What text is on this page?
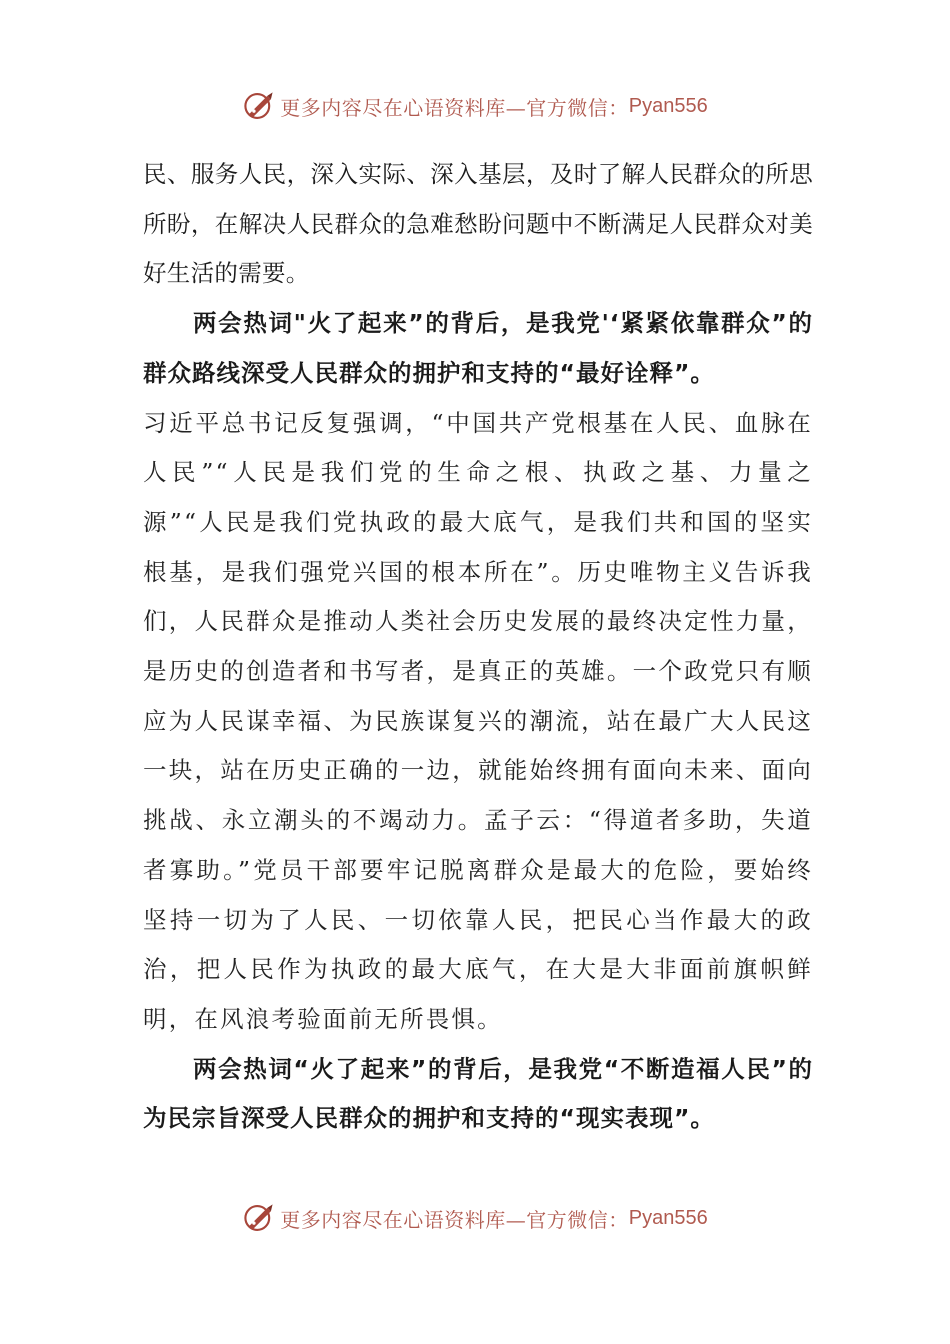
更多内容尽在心语资料库—官方微信： Pyan556

民、服务人民，深入实际、深入基层，及时了解人民群众的所思所盼，在解决人民群众的急难愁盼问题中不断满足人民群众对美好生活的需要。

两会热词"火了起来”的背后，是我党'‘紧紧依靠群众”的群众路线深受人民群众的拥护和支持的“最好诠释”。

习近平总书记反复强调，“中国共产党根基在人民、血脉在人民”“人民是我们党的生命之根、执政之基、力量之源”“人民是我们党执政的最大底气，是我们共和国的坚实根基，是我们强党兴国的根本所在”。历史唯物主义告诉我们，人民群众是推动人类社会历史发展的最终决定性力量，是历史的创造者和书写者，是真正的英雄。一个政党只有顺应为人民谋幸福、为民族谋复兴的潮流，站在最广大人民这一块，站在历史正确的一边，就能始终拥有面向未来、面向挑战、永立潮头的不竭动力。孟子云：“得道者多助，失道者寡助。”党员干部要牢记脱离群众是最大的危险，要始终坚持一切为了人民、一切依靠人民，把民心当作最大的政治，把人民作为执政的最大底气，在大是大非面前旗帜鲜明，在风浪考验面前无所畏惧。

两会热词“火了起来”的背后，是我党“不断造福人民”的为民宗旨深受人民群众的拥护和支持的“现实表现”。

更多内容尽在心语资料库—官方微信： Pyan556
